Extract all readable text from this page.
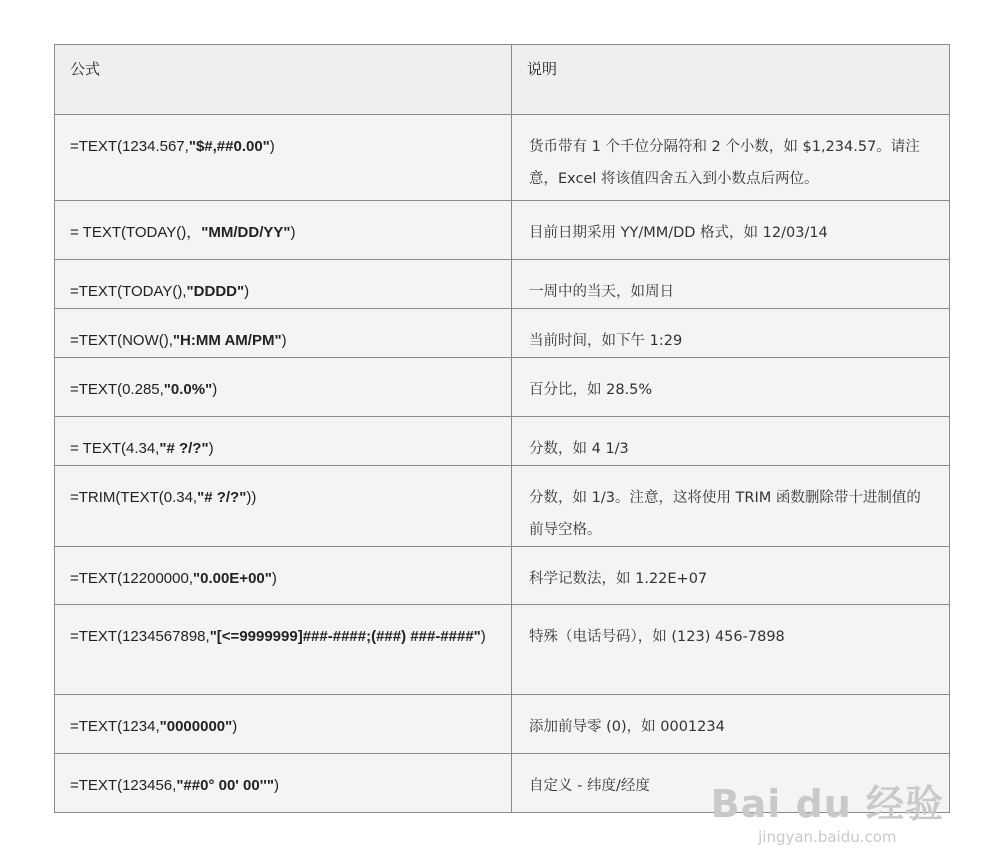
公式	说明
=TEXT(1234.567,"$#,##0.00")	货币带有 1 个千位分隔符和 2 个小数，如 $1,234.57。请注意，Excel 将该值四舍五入到小数点后两位。
= TEXT(TODAY()，"MM/DD/YY")	目前日期采用 YY/MM/DD 格式，如 12/03/14
=TEXT(TODAY(),"DDDD")	一周中的当天，如周日
=TEXT(NOW(),"H:MM AM/PM")	当前时间，如下午 1:29
=TEXT(0.285,"0.0%")	百分比，如 28.5%
= TEXT(4.34,"# ?/?")	分数，如 4 1/3
=TRIM(TEXT(0.34,"# ?/?"))	分数，如 1/3。注意，这将使用 TRIM 函数删除带十进制值的前导空格。
=TEXT(12200000,"0.00E+00")	科学记数法，如 1.22E+07
=TEXT(1234567898,"[<=9999999]###-####;(###) ###-####")	特殊（电话号码），如 (123) 456-7898
=TEXT(1234,"0000000")	添加前导零 (0)，如 0001234
=TEXT(123456,"##0° 00' 00''")	自定义 - 纬度/经度 Bai du 经验
jingyan.baidu.com
